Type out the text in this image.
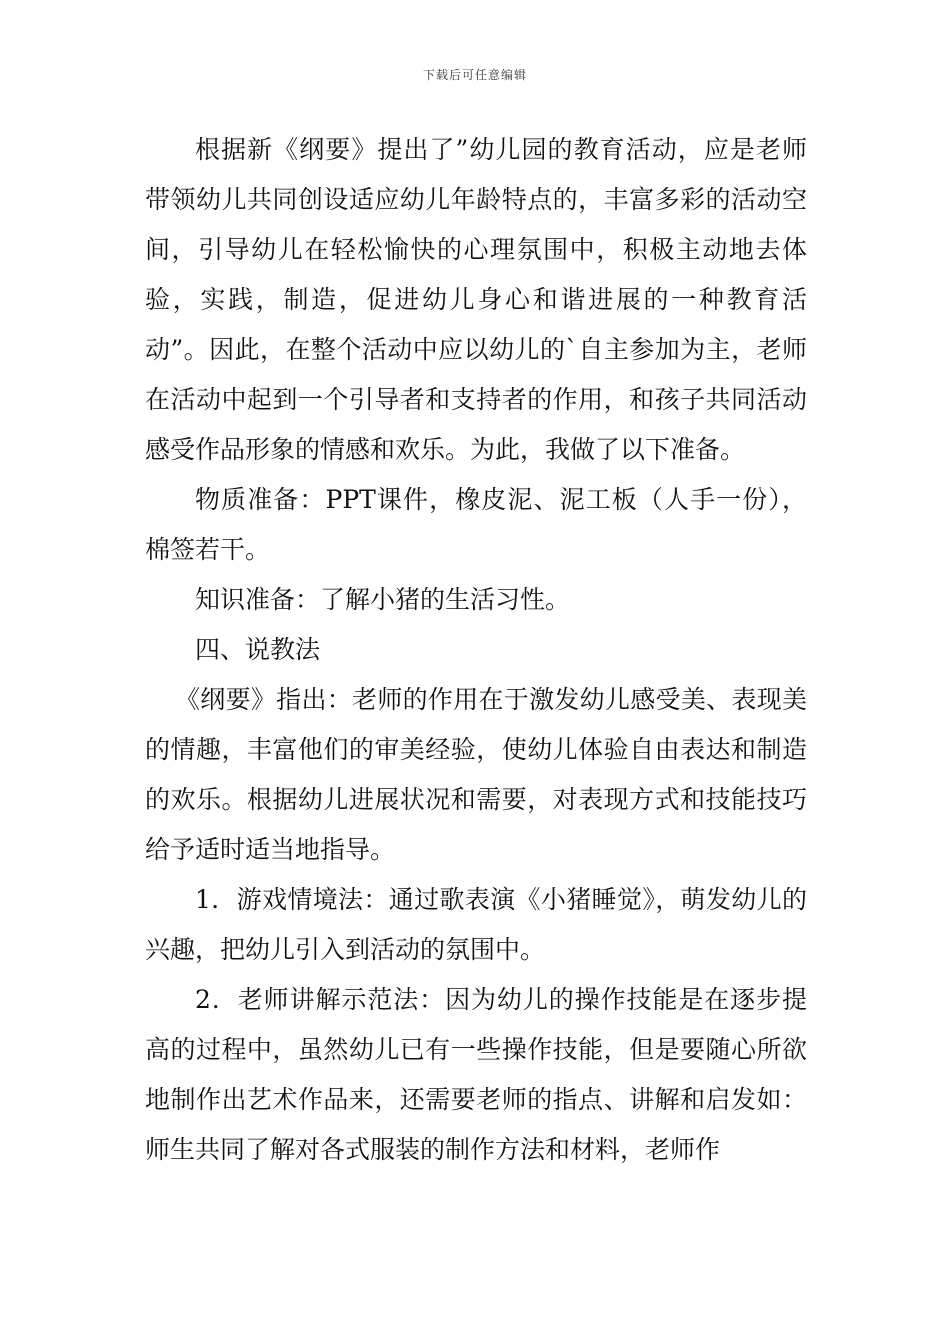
下载后可任意编辑

根据新《纲要》提出了”幼儿园的教育活动，应是老师带领幼儿共同创设适应幼儿年龄特点的，丰富多彩的活动空间，引导幼儿在轻松愉快的心理氛围中，积极主动地去体验，实践，制造，促进幼儿身心和谐进展的一种教育活动”。因此，在整个活动中应以幼儿的`自主参加为主，老师在活动中起到一个引导者和支持者的作用，和孩子共同活动感受作品形象的情感和欢乐。为此，我做了以下准备。

物质准备：PPT课件，橡皮泥、泥工板（人手一份），棉签若干。

知识准备：了解小猪的生活习性。

四、说教法

《纲要》指出：老师的作用在于激发幼儿感受美、表现美的情趣，丰富他们的审美经验，使幼儿体验自由表达和制造的欢乐。根据幼儿进展状况和需要，对表现方式和技能技巧给予适时适当地指导。

1．游戏情境法：通过歌表演《小猪睡觉》，萌发幼儿的兴趣，把幼儿引入到活动的氛围中。

2．老师讲解示范法：因为幼儿的操作技能是在逐步提高的过程中，虽然幼儿已有一些操作技能，但是要随心所欲地制作出艺术作品来，还需要老师的指点、讲解和启发如：师生共同了解对各式服装的制作方法和材料，老师作
